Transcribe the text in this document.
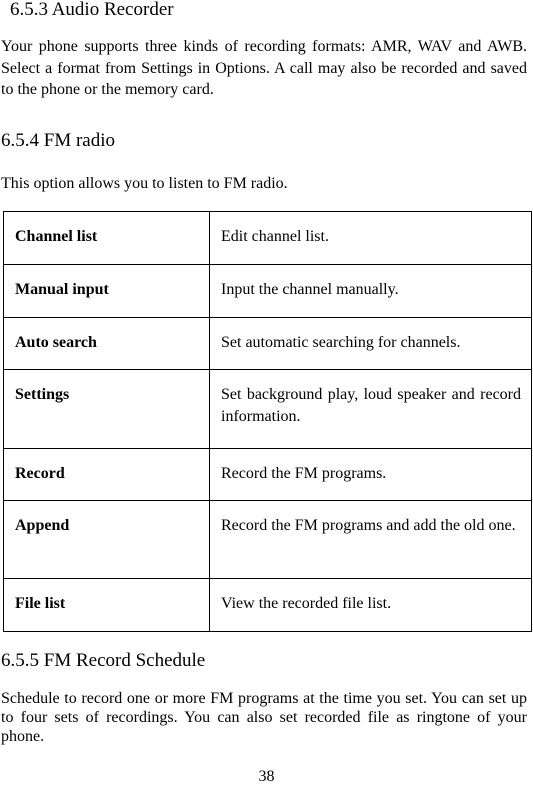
6.5.3 Audio Recorder
Your phone supports three kinds of recording formats: AMR, WAV and AWB. Select a format from Settings in Options. A call may also be recorded and saved to the phone or the memory card.
6.5.4 FM radio
This option allows you to listen to FM radio.
Channel list	Edit channel list.
Manual input	Input the channel manually.
Auto search	Set automatic searching for channels.
Settings	Set background play, loud speaker and record information.
Record	Record the FM programs.
Append	Record the FM programs and add the old one.
File list	View the recorded file list.
6.5.5 FM Record Schedule
Schedule to record one or more FM programs at the time you set. You can set up to four sets of recordings. You can also set recorded file as ringtone of your phone.
38
